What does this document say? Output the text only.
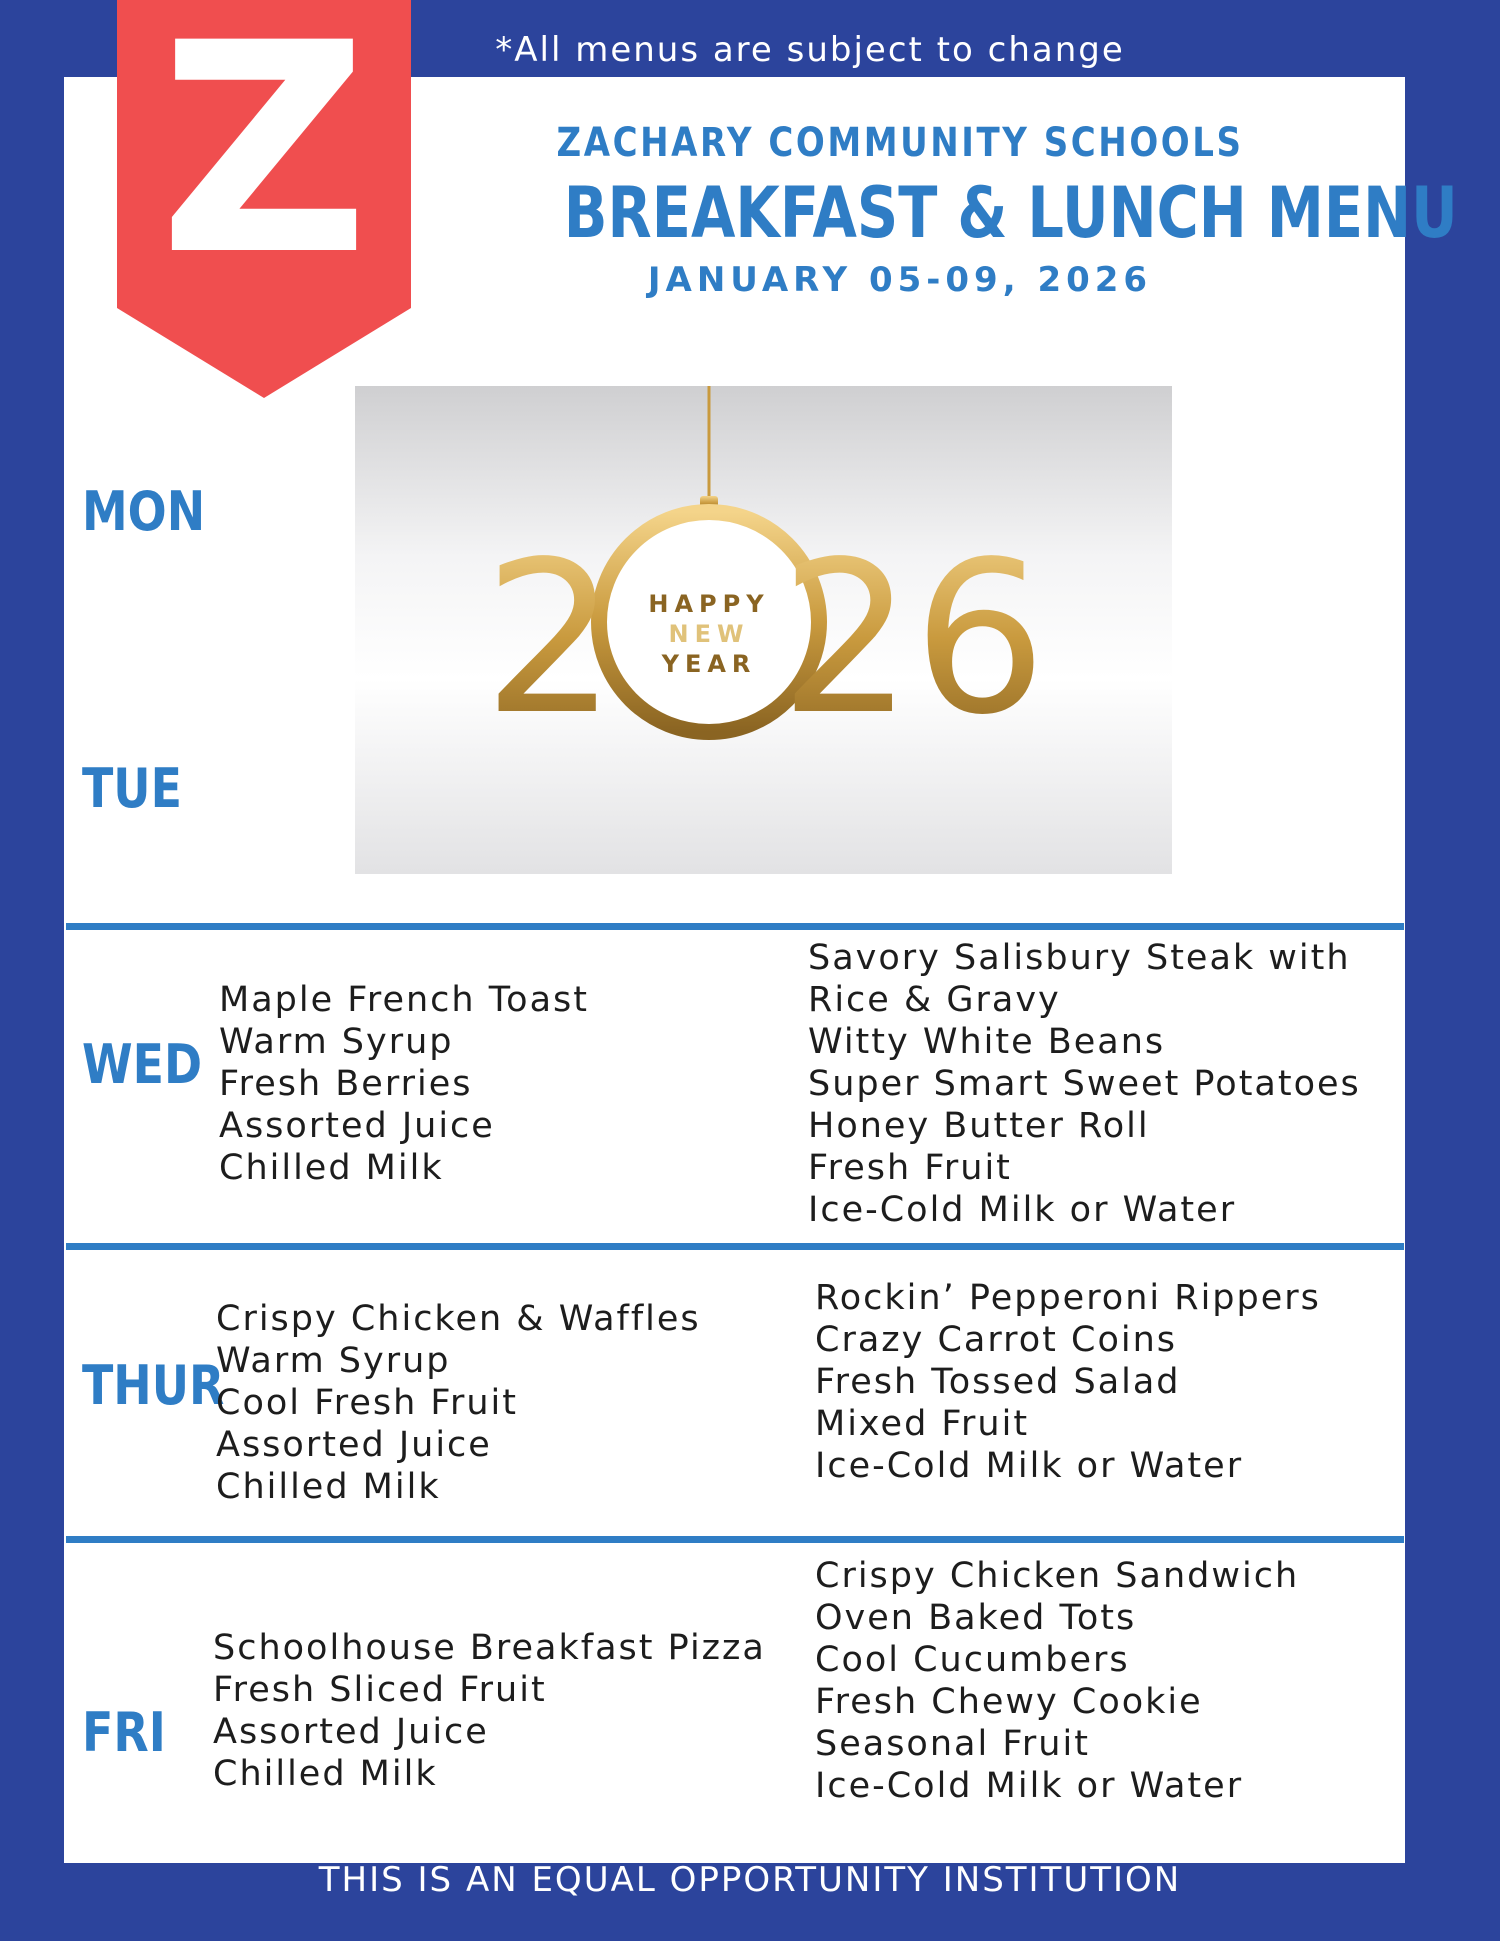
*All menus are subject to change
Z	ZACHARY COMMUNITY SCHOOLS
BREAKFAST & LUNCH MENU
JANUARY 05-09, 2026
2 26
HAPPY
NEW
YEAR
MON
TUE
WED
THUR
FRI
Maple French Toast
Warm Syrup
Fresh Berries
Assorted Juice
Chilled Milk
Savory Salisbury Steak with
Rice & Gravy
Witty White Beans
Super Smart Sweet Potatoes
Honey Butter Roll
Fresh Fruit
Ice-Cold Milk or Water
Crispy Chicken & Waffles
Warm Syrup
Cool Fresh Fruit
Assorted Juice
Chilled Milk
Rockin’ Pepperoni Rippers
Crazy Carrot Coins
Fresh Tossed Salad
Mixed Fruit
Ice-Cold Milk or Water
Schoolhouse Breakfast Pizza
Fresh Sliced Fruit
Assorted Juice
Chilled Milk
Crispy Chicken Sandwich
Oven Baked Tots
Cool Cucumbers
Fresh Chewy Cookie
Seasonal Fruit
Ice-Cold Milk or Water
THIS IS AN EQUAL OPPORTUNITY INSTITUTION
